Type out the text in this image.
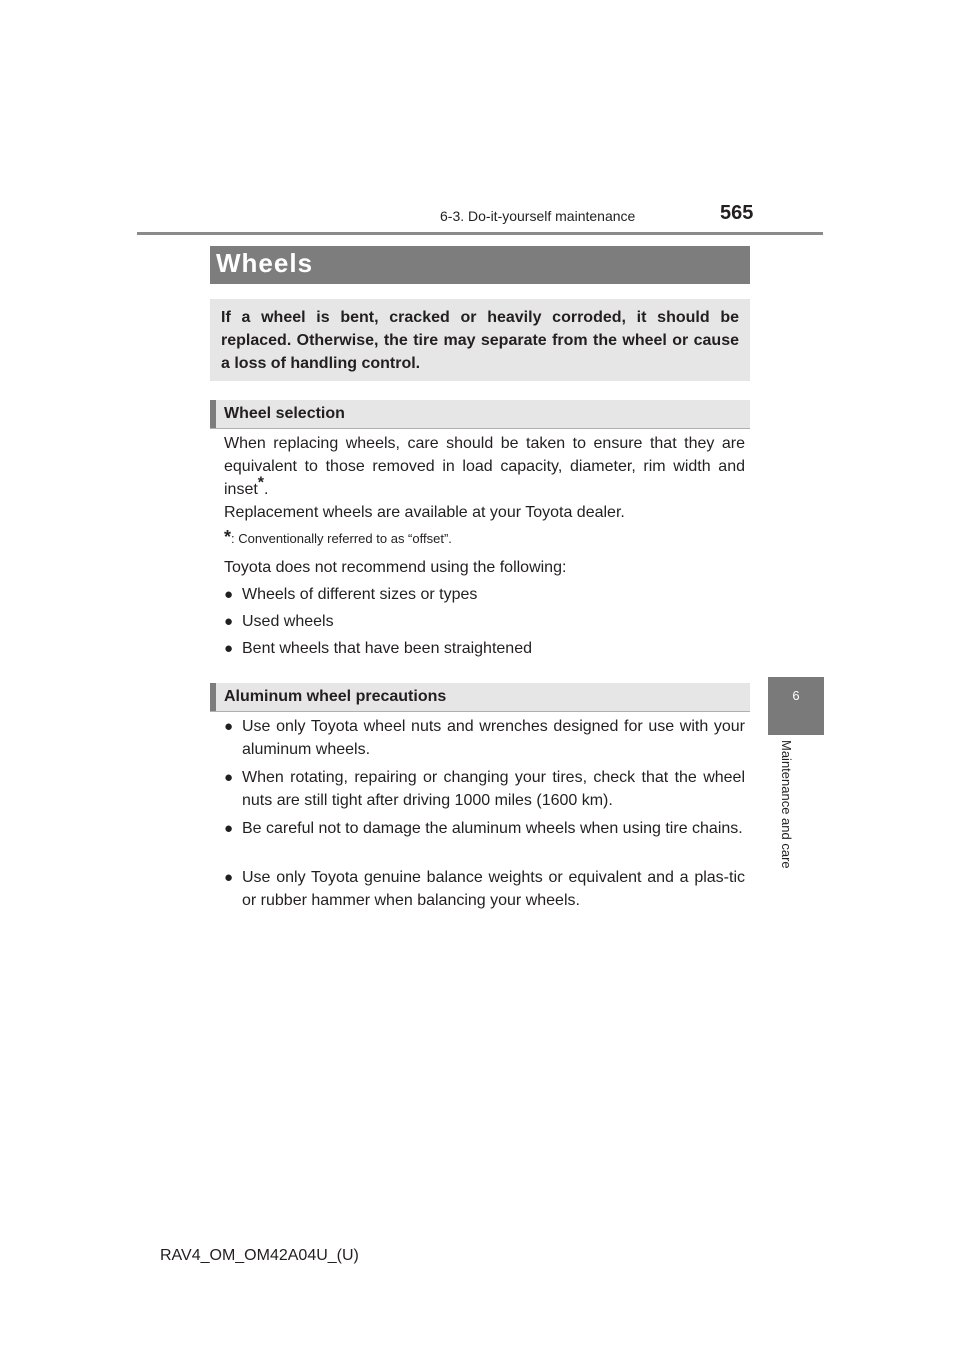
6-3. Do-it-yourself maintenance	565
6
Maintenance and care
Wheels
If a wheel is bent, cracked or heavily corroded, it should be replaced. Otherwise, the tire may separate from the wheel or cause a loss of handling control.
Wheel selection
When replacing wheels, care should be taken to ensure that they are equivalent to those removed in load capacity, diameter, rim width and inset*.
Replacement wheels are available at your Toyota dealer.
*: Conventionally referred to as “offset”.
Toyota does not recommend using the following:
● Wheels of different sizes or types
● Used wheels
● Bent wheels that have been straightened
Aluminum wheel precautions
● Use only Toyota wheel nuts and wrenches designed for use with your aluminum wheels.
● When rotating, repairing or changing your tires, check that the wheel nuts are still tight after driving 1000 miles (1600 km).
● Be careful not to damage the aluminum wheels when using tire chains.
● Use only Toyota genuine balance weights or equivalent and a plas-tic or rubber hammer when balancing your wheels.
RAV4_OM_OM42A04U_(U)
